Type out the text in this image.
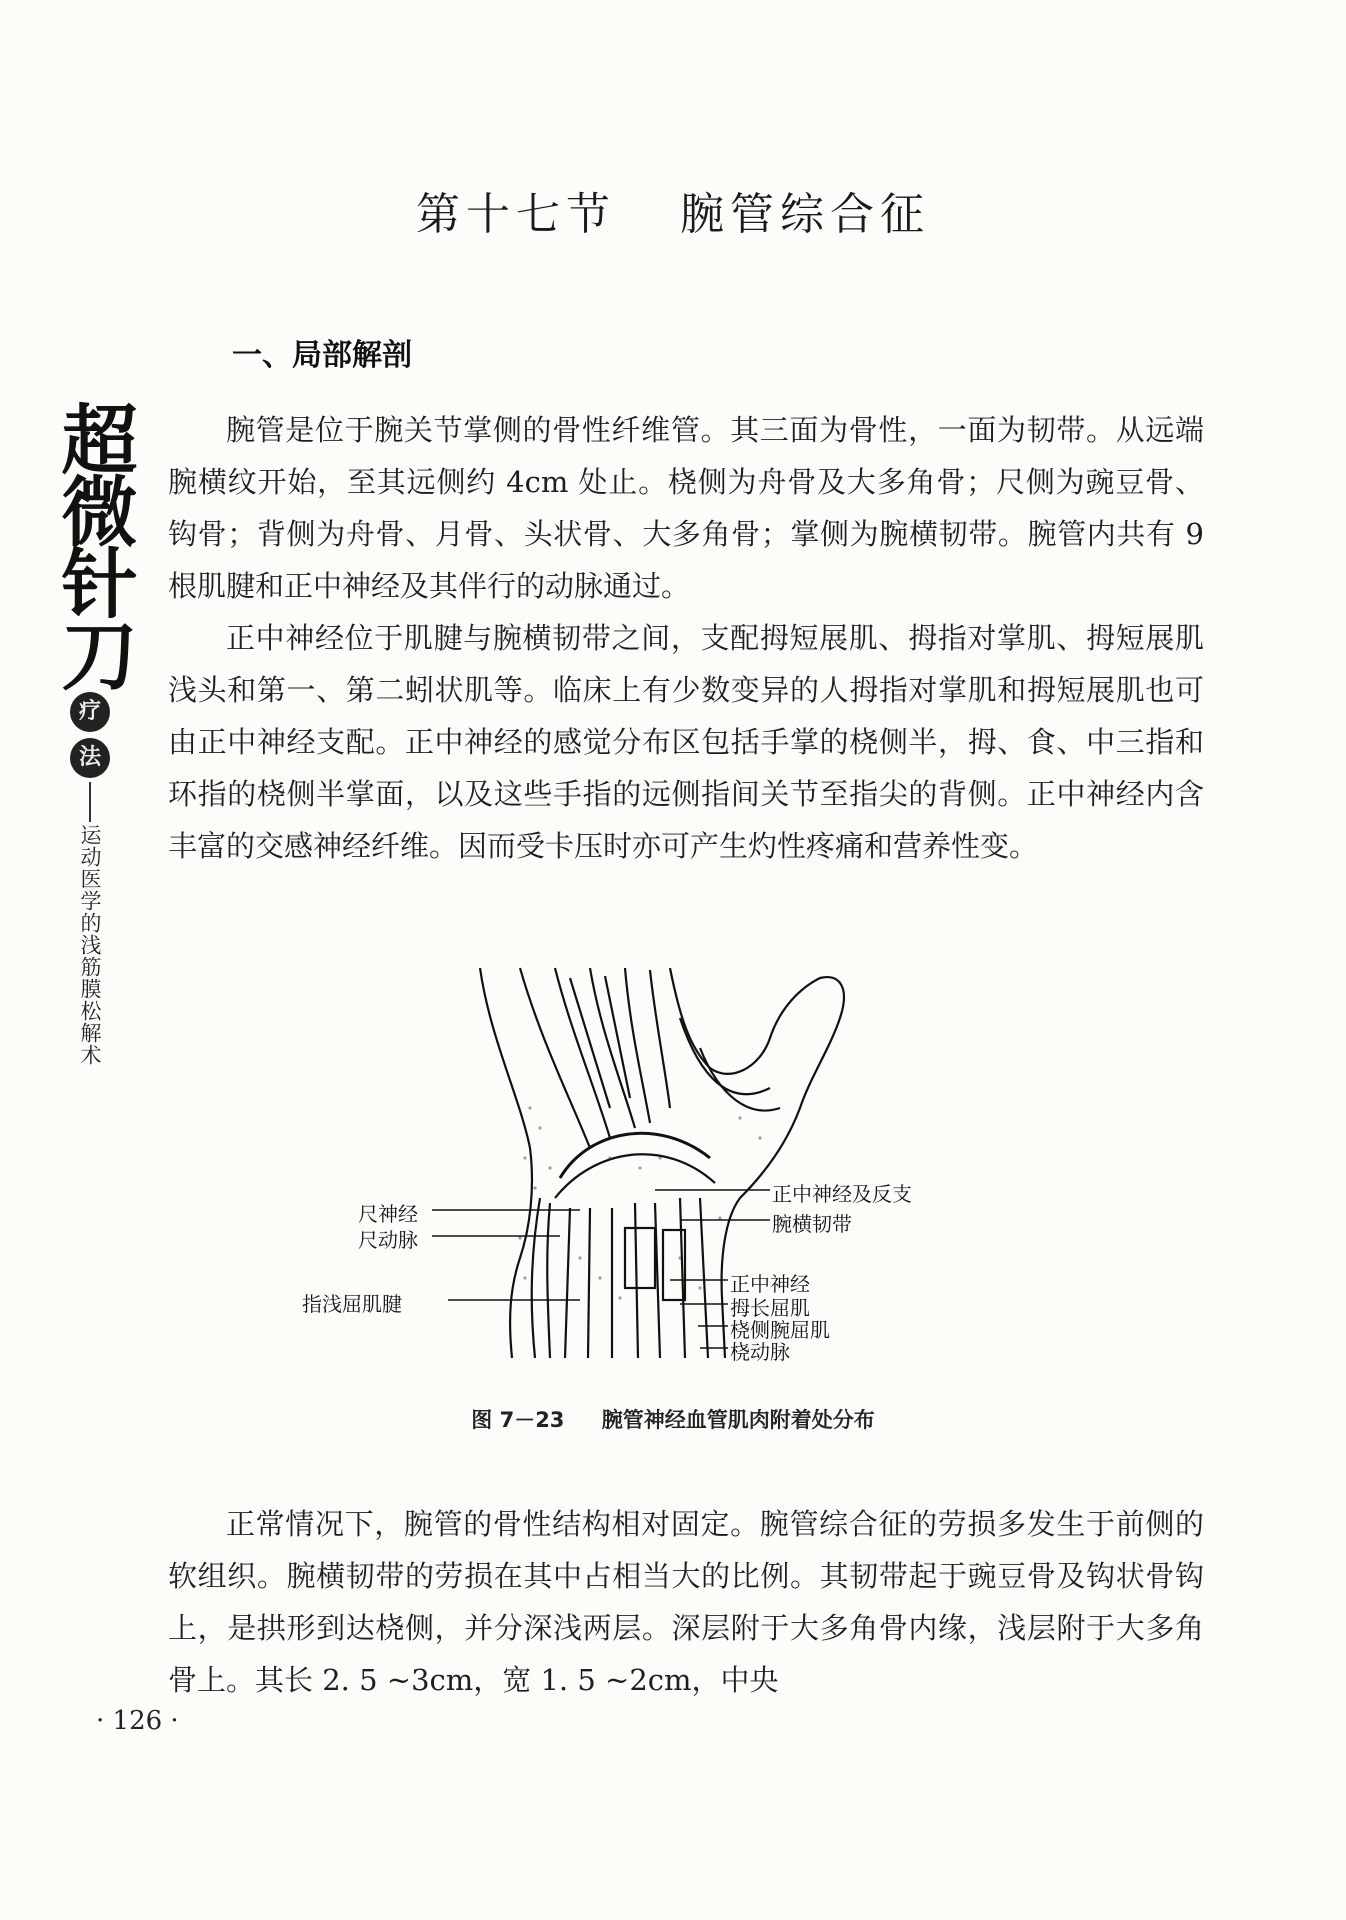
超微针刀
疗
法
运动医学的浅筋膜松解术
第十七节 腕管综合征
一、局部解剖

腕管是位于腕关节掌侧的骨性纤维管。其三面为骨性，一面为韧带。从远端腕横纹开始，至其远侧约 4cm 处止。桡侧为舟骨及大多角骨；尺侧为豌豆骨、钩骨；背侧为舟骨、月骨、头状骨、大多角骨；掌侧为腕横韧带。腕管内共有 9 根肌腱和正中神经及其伴行的动脉通过。

正中神经位于肌腱与腕横韧带之间，支配拇短展肌、拇指对掌肌、拇短展肌浅头和第一、第二蚓状肌等。临床上有少数变异的人拇指对掌肌和拇短展肌也可由正中神经支配。正中神经的感觉分布区包括手掌的桡侧半，拇、食、中三指和环指的桡侧半掌面，以及这些手指的远侧指间关节至指尖的背侧。正中神经内含丰富的交感神经纤维。因而受卡压时亦可产生灼性疼痛和营养性变。

尺神经
尺动脉
指浅屈肌腱
正中神经及反支
腕横韧带
正中神经
拇长屈肌
桡侧腕屈肌
桡动脉
图 7－23 腕管神经血管肌肉附着处分布

正常情况下，腕管的骨性结构相对固定。腕管综合征的劳损多发生于前侧的软组织。腕横韧带的劳损在其中占相当大的比例。其韧带起于豌豆骨及钩状骨钩上，是拱形到达桡侧，并分深浅两层。深层附于大多角骨内缘，浅层附于大多角骨上。其长 2. 5 ~3cm，宽 1. 5 ~2cm，中央

· 126 ·
